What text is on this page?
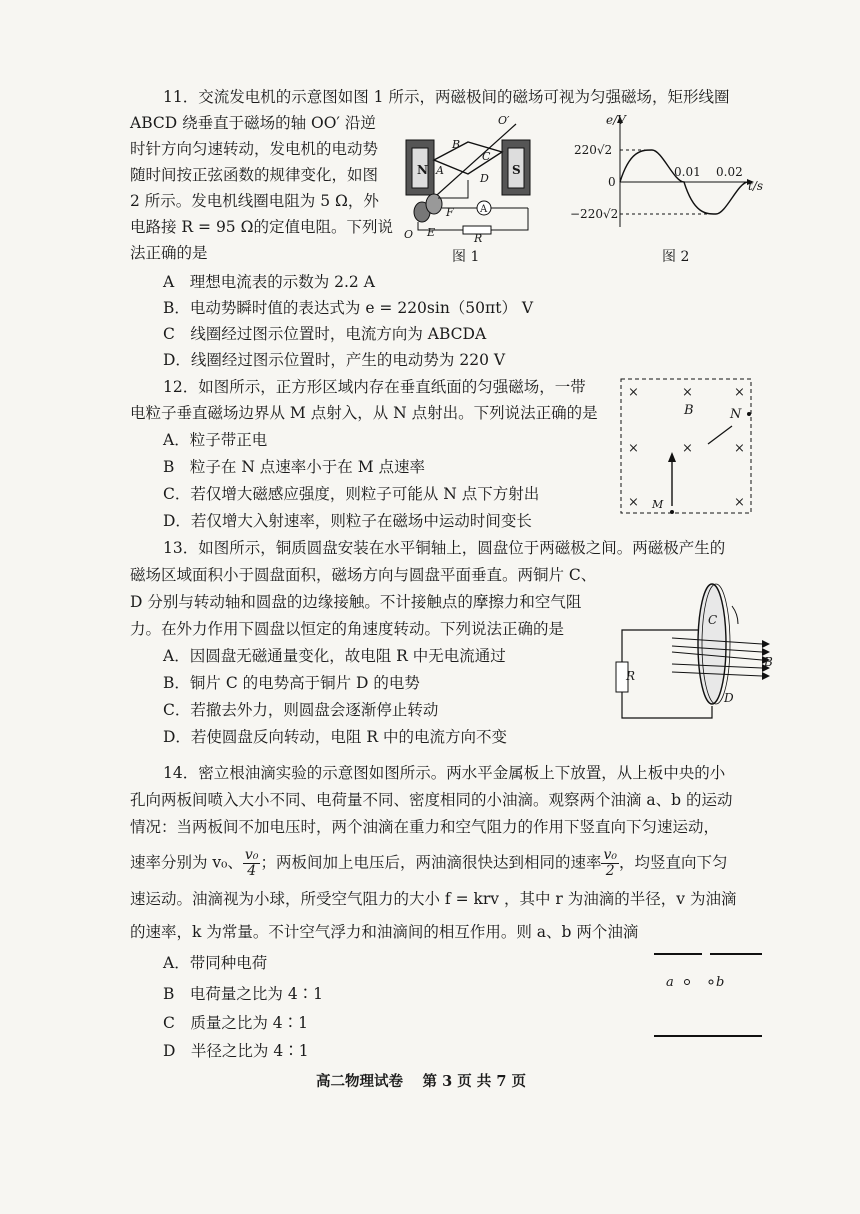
11．交流发电机的示意图如图 1 所示，两磁极间的磁场可视为匀强磁场，矩形线圈
ABCD 绕垂直于磁场的轴 OO′ 沿逆
时针方向匀速转动，发电机的电动势
随时间按正弦函数的规律变化，如图
2 所示。发电机线圈电阻为 5 Ω，外
电路接 R = 95 Ω的定值电阻。下列说
法正确的是
A
N	S
O′
A
B
C
D
E
F
O	R
图 1
e/V
220√2
−220√2
0
0.01 0.02
t/s
图 2
A　理想电流表的示数为 2.2 A
B．电动势瞬时值的表达式为 e = 220sin（50πt） V
C　线圈经过图示位置时，电流方向为 ABCDA
D．线圈经过图示位置时，产生的电动势为 220 V
12．如图所示，正方形区域内存在垂直纸面的匀强磁场，一带
电粒子垂直磁场边界从 M 点射入，从 N 点射出。下列说法正确的是
A．粒子带正电
B　粒子在 N 点速率小于在 M 点速率
C．若仅增大磁感应强度，则粒子可能从 N 点下方射出
D．若仅增大入射速率，则粒子在磁场中运动时间变长
×	×	×
×	×	×
×	×
B	N
M
13．如图所示，铜质圆盘安装在水平铜轴上，圆盘位于两磁极之间。两磁极产生的
磁场区域面积小于圆盘面积，磁场方向与圆盘平面垂直。两铜片 C、
D 分别与转动轴和圆盘的边缘接触。不计接触点的摩擦力和空气阻
力。在外力作用下圆盘以恒定的角速度转动。下列说法正确的是
A．因圆盘无磁通量变化，故电阻 R 中无电流通过
B．铜片 C 的电势高于铜片 D 的电势
C．若撤去外力，则圆盘会逐渐停止转动
D．若使圆盘反向转动，电阻 R 中的电流方向不变
R
C
D
B
14．密立根油滴实验的示意图如图所示。两水平金属板上下放置，从上板中央的小
孔向两板间喷入大小不同、电荷量不同、密度相同的小油滴。观察两个油滴 a、b 的运动
情况：当两板间不加电压时，两个油滴在重力和空气阻力的作用下竖直向下匀速运动，
速率分别为 v₀、 $\frac{\text{v₀}}{4}$ ；两板间加上电压后，两油滴很快达到相同的速率 $\frac{\text{v₀}}{2}$ ，均竖直向下匀
速运动。油滴视为小球，所受空气阻力的大小 f = krv ，其中 r 为油滴的半径，v 为油滴
的速率，k 为常量。不计空气浮力和油滴间的相互作用。则 a、b 两个油滴
A．带同种电荷
B　电荷量之比为 4∶1
C　质量之比为 4∶1
D　半径之比为 4∶1
a	b
高二物理试卷　 第 3 页 共 7 页
